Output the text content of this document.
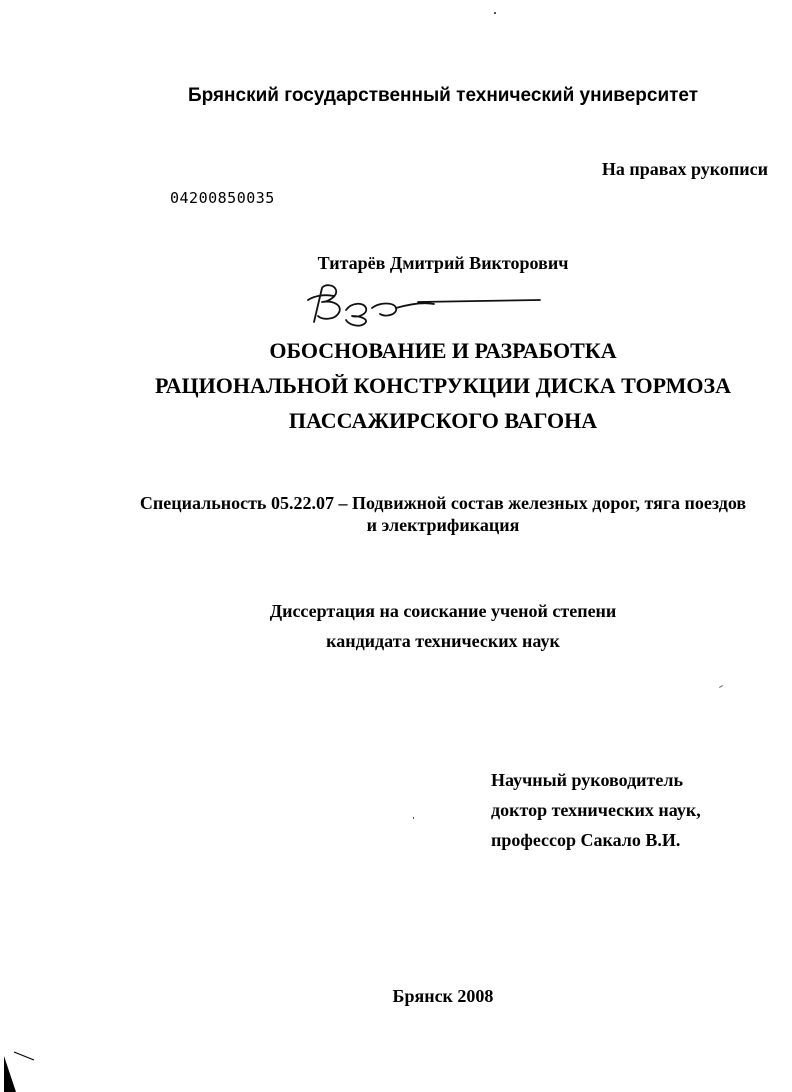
Брянский государственный технический университет
На правах рукописи
04200850035
Титарёв Дмитрий Викторович
ОБОСНОВАНИЕ И РАЗРАБОТКА
РАЦИОНАЛЬНОЙ КОНСТРУКЦИИ ДИСКА ТОРМОЗА
ПАССАЖИРСКОГО ВАГОНА
Специальность 05.22.07 – Подвижной состав железных дорог, тяга поездов
и электрификация
Диссертация на соискание ученой степени
кандидата технических наук
Научный руководитель
доктор технических наук,
профессор Сакало В.И.
Брянск 2008
